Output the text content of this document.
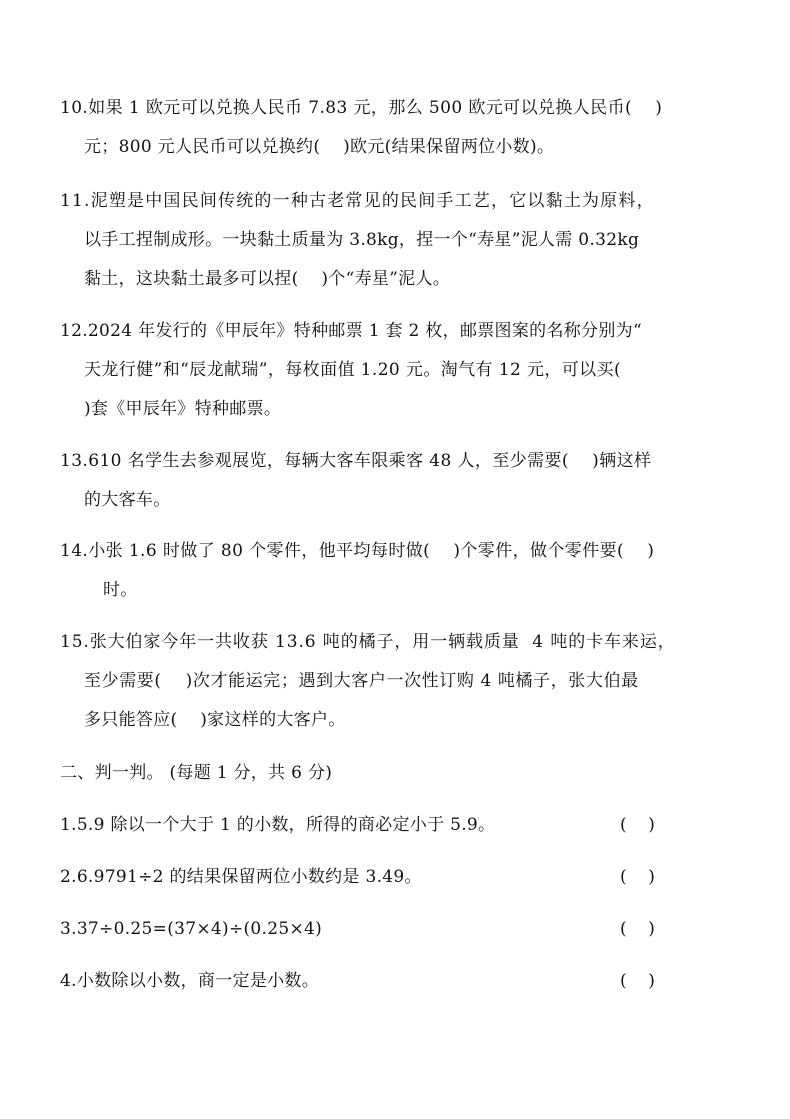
10.如果 1 欧元可以兑换人民币 7.83 元，那么 500 欧元可以兑换人民币(    )
元；800 元人民币可以兑换约(    )欧元(结果保留两位小数)。
11.泥塑是中国民间传统的一种古老常见的民间手工艺，它以黏土为原料，
以手工捏制成形。一块黏土质量为 3.8kg，捏一个“寿星”泥人需 0.32kg
黏土，这块黏土最多可以捏(    )个“寿星”泥人。
12.2024 年发行的《甲辰年》特种邮票 1 套 2 枚，邮票图案的名称分别为“
天龙行健”和“辰龙献瑞”，每枚面值 1.20 元。淘气有 12 元，可以买(
)套《甲辰年》特种邮票。
13.610 名学生去参观展览，每辆大客车限乘客 48 人，至少需要(    )辆这样
的大客车。
14.小张 1.6 时做了 80 个零件，他平均每时做(    )个零件，做个零件要(    )
时。
15.张大伯家今年一共收获 13.6 吨的橘子，用一辆载质量  4 吨的卡车来运，
至少需要(    )次才能运完；遇到大客户一次性订购 4 吨橘子，张大伯最
多只能答应(    )家这样的大客户。
二、判一判。 (每题 1 分，共 6 分)
1.5.9 除以一个大于 1 的小数，所得的商必定小于 5.9。	(    )
2.6.9791÷2 的结果保留两位小数约是 3.49。	(    )
3.37÷0.25=(37×4)÷(0.25×4)	(    )
4.小数除以小数，商一定是小数。	(    )
